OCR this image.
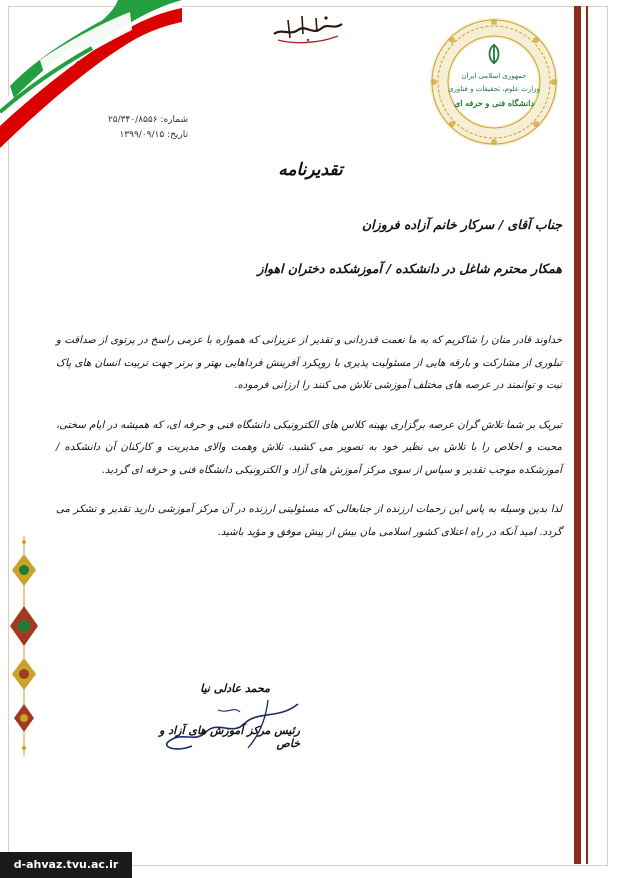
جمهوری اسلامی ایران
وزارت علوم، تحقیقات و فناوری
دانشگاه فنی و حرفه ای
شماره: ۲۵/۳۴۰/۸۵۵۶
تاریخ: ۱۳۹۹/۰۹/۱۵
تقدیرنامه
جناب آقای / سرکار خانم آزاده فروزان
همکار محترم شاغل در دانشکده / آموزشکده دختران اهواز

خداوند قادر منان را شاکریم که به ما نعمت قدردانی و تقدیر از عزیزانی که همواره با عزمی راسخ در پرتوی از صداقت و تبلوری از مشارکت و بارقه هایی از مسئولیت پذیری با رویکرد آفرینش فرداهایی بهتر و برتر جهت تربیت انسان های پاک نیت و توانمند در عرصه های مختلف آموزشی تلاش می کنند را ارزانی فرموده.

تبریک بر شما تلاش گران عرصه برگزاری بهینه کلاس های الکترونیکی دانشگاه فنی و حرفه ای، که همیشه در ایام سختی، محبت و اخلاص را با تلاش بی نظیر خود به تصویر می کشید، تلاش وهمت والای مدیریت و کارکنان آن دانشکده / آموزشکده موجب تقدیر و سپاس از سوی مرکز آموزش های آزاد و الکترونیکی دانشگاه فنی و حرفه ای گردید.

لذا بدین وسیله به پاس این زحمات ارزنده از جنابعالی که مسئولیتی ارزنده در آن مرکز آموزشی دارید تقدیر و تشکر می گردد. امید آنکه در راه اعتلای کشور اسلامی مان بیش از پیش موفق و مؤید باشید.

محمد عادلی نیا
رئیس مرکز آموزش های آزاد و خاص
d-ahvaz.tvu.ac.ir
